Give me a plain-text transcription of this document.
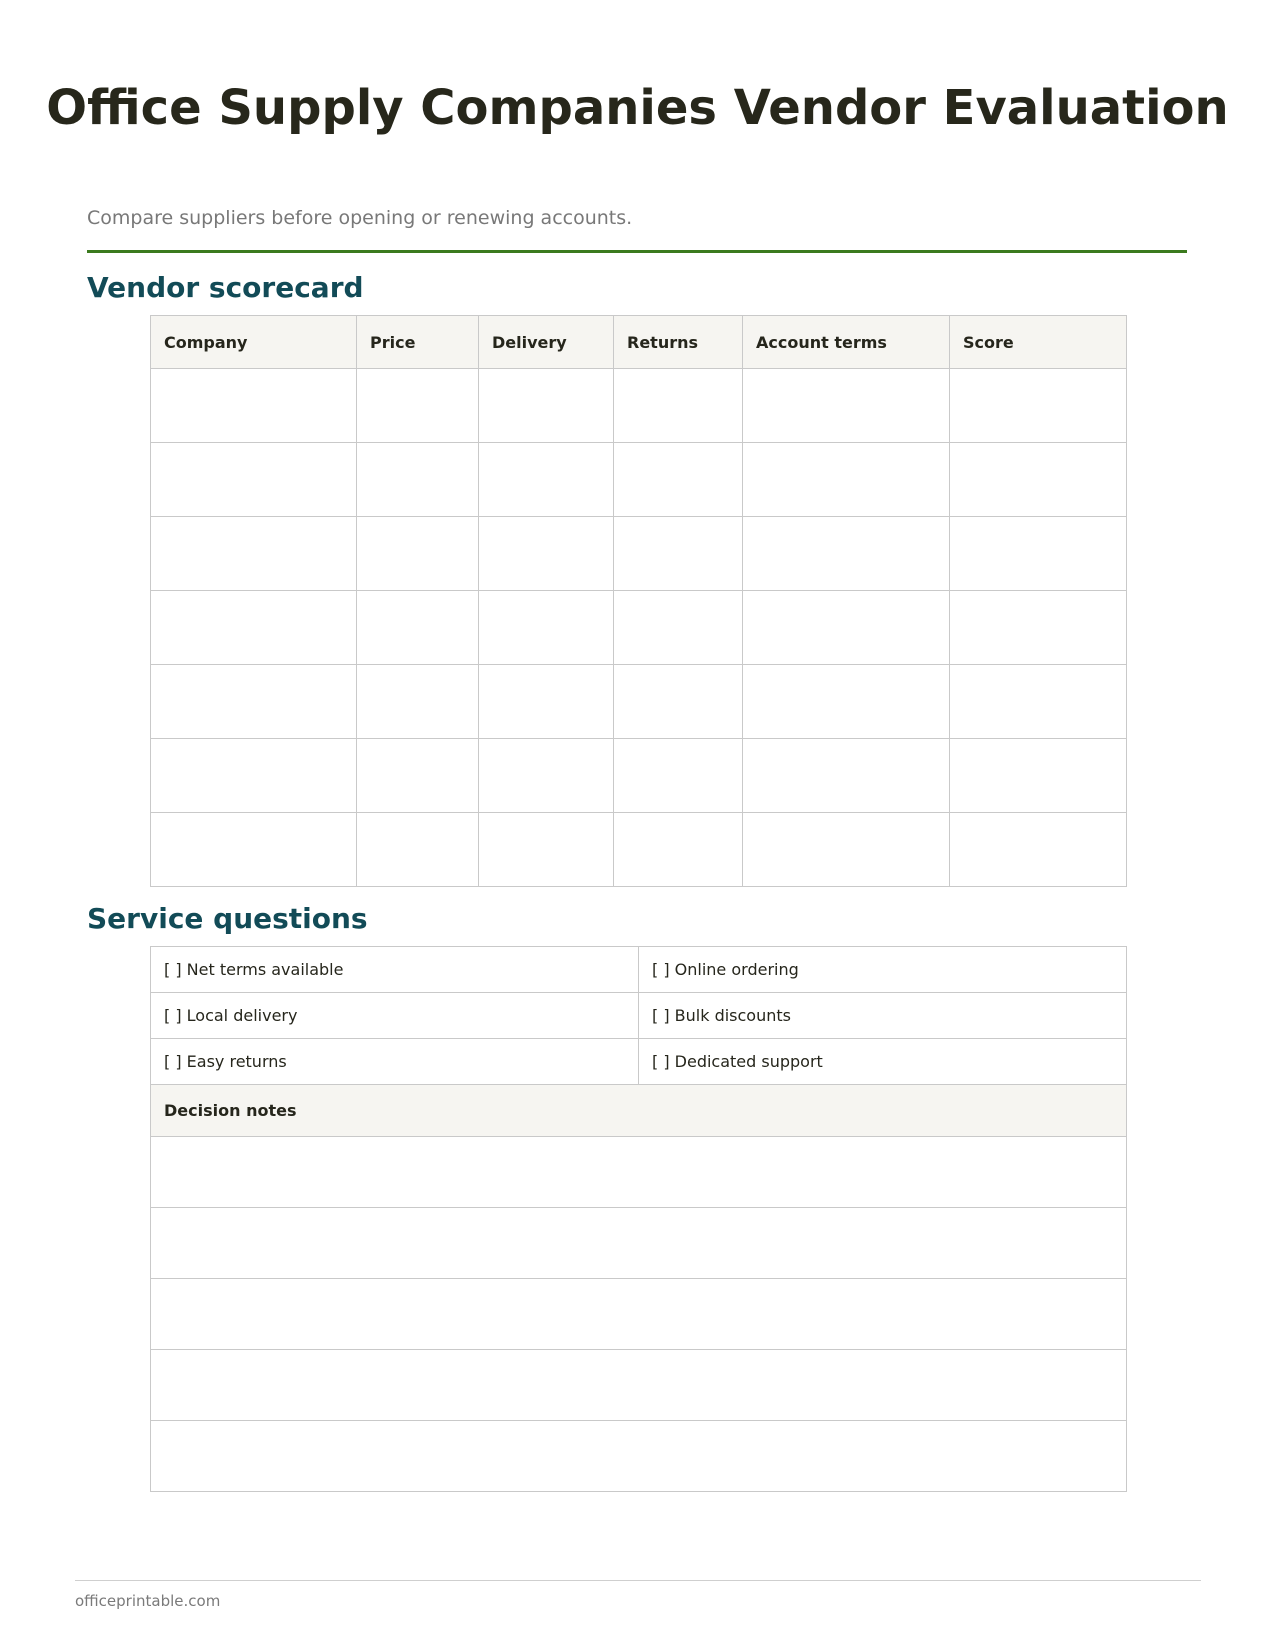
Office Supply Companies Vendor Evaluation

Compare suppliers before opening or renewing accounts.

Vendor scorecard
Company	Price	Delivery	Returns	Account terms	Score

Service questions
[ ] Net terms available	[ ] Online ordering
[ ] Local delivery	[ ] Bulk discounts
[ ] Easy returns	[ ] Dedicated support
Decision notes	

officeprintable.com
